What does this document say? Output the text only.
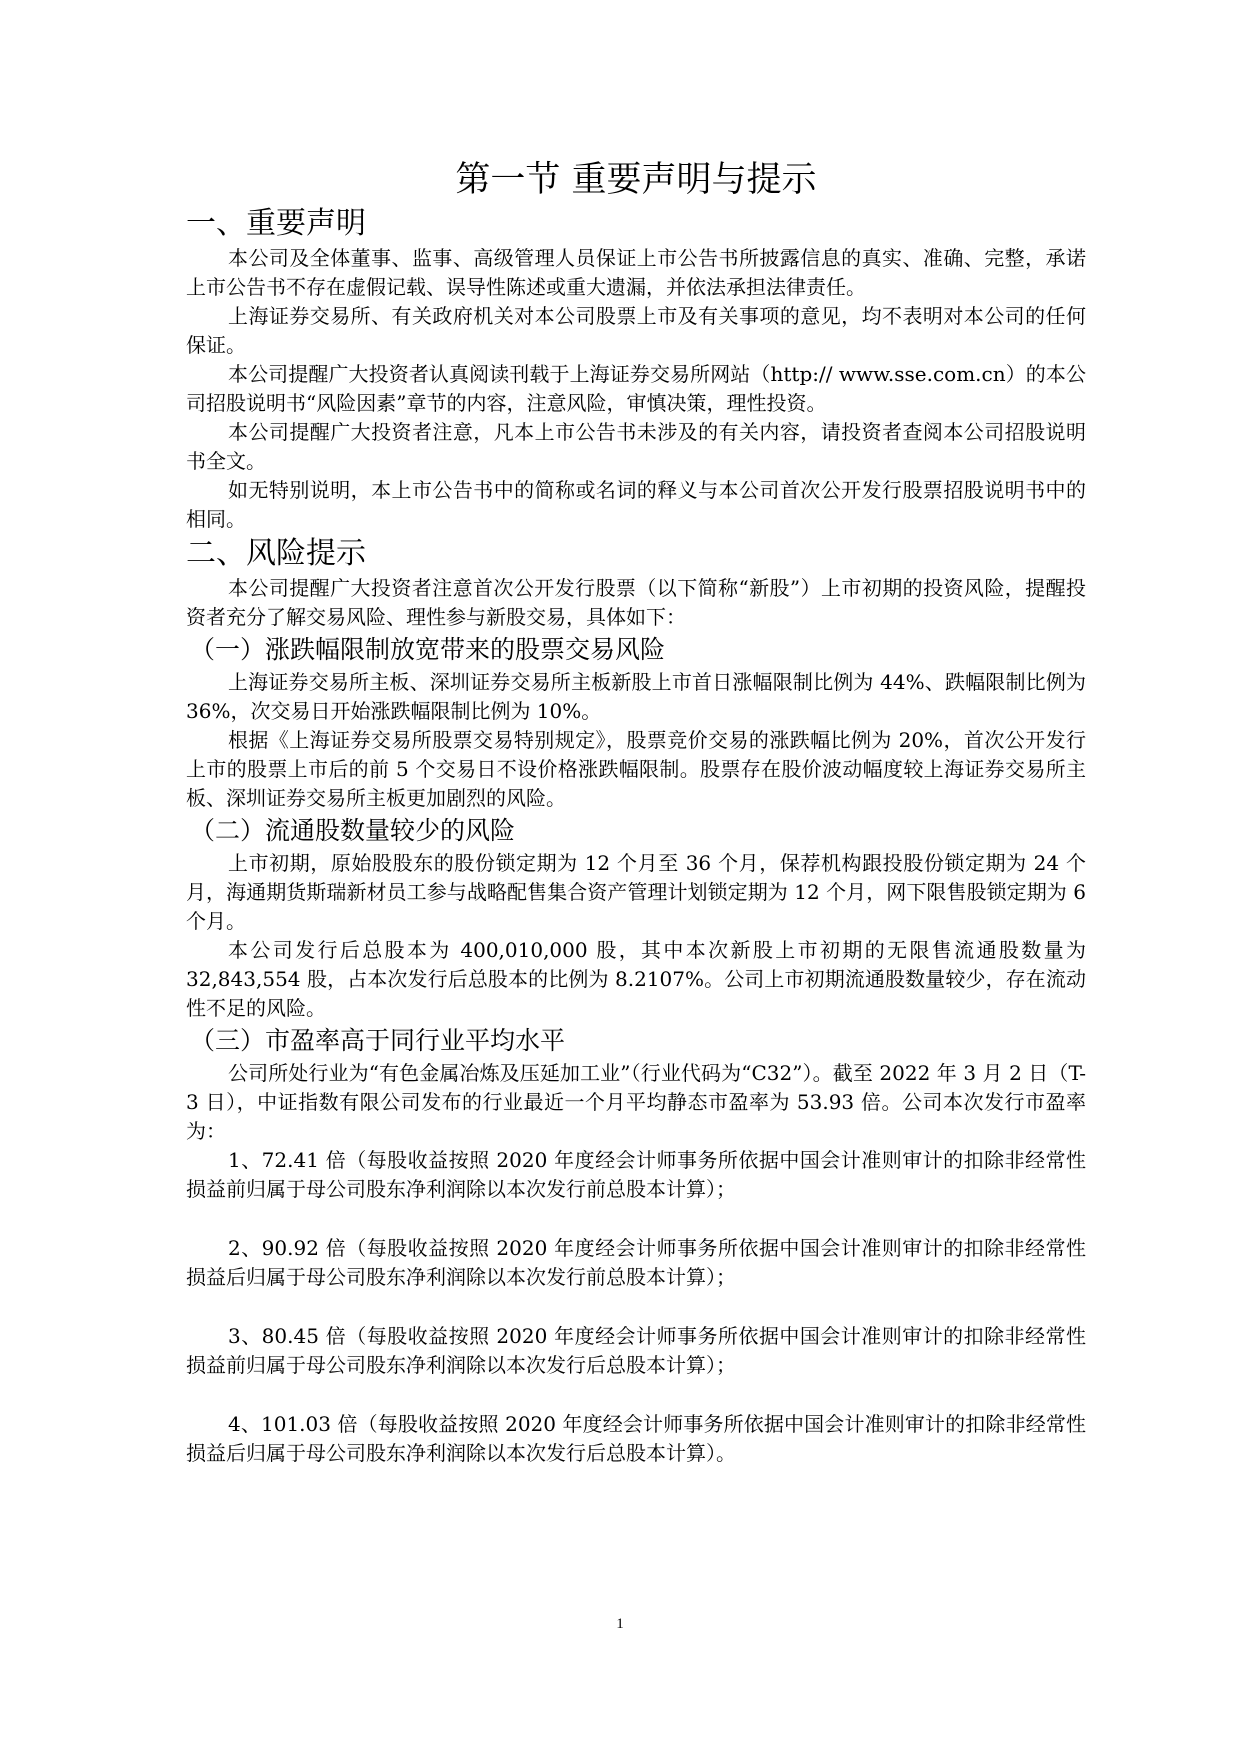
第一节 重要声明与提示
一、重要声明

本公司及全体董事、监事、高级管理人员保证上市公告书所披露信息的真实、准确、完整，承诺上市公告书不存在虚假记载、误导性陈述或重大遗漏，并依法承担法律责任。

上海证券交易所、有关政府机关对本公司股票上市及有关事项的意见，均不表明对本公司的任何保证。

本公司提醒广大投资者认真阅读刊载于上海证券交易所网站（http:// www.sse.com.cn）的本公司招股说明书“风险因素”章节的内容，注意风险，审慎决策，理性投资。

本公司提醒广大投资者注意，凡本上市公告书未涉及的有关内容，请投资者查阅本公司招股说明书全文。

如无特别说明，本上市公告书中的简称或名词的释义与本公司首次公开发行股票招股说明书中的相同。

二、风险提示

本公司提醒广大投资者注意首次公开发行股票（以下简称“新股”）上市初期的投资风险，提醒投资者充分了解交易风险、理性参与新股交易，具体如下：

（一）涨跌幅限制放宽带来的股票交易风险

上海证券交易所主板、深圳证券交易所主板新股上市首日涨幅限制比例为 44%、跌幅限制比例为 36%，次交易日开始涨跌幅限制比例为 10%。

根据《上海证券交易所股票交易特别规定》，股票竞价交易的涨跌幅比例为 20%，首次公开发行上市的股票上市后的前 5 个交易日不设价格涨跌幅限制。股票存在股价波动幅度较上海证券交易所主板、深圳证券交易所主板更加剧烈的风险。

（二）流通股数量较少的风险

上市初期，原始股股东的股份锁定期为 12 个月至 36 个月，保荐机构跟投股份锁定期为 24 个月，海通期货斯瑞新材员工参与战略配售集合资产管理计划锁定期为 12 个月，网下限售股锁定期为 6 个月。

本公司发行后总股本为 400,010,000 股，其中本次新股上市初期的无限售流通股数量为 32,843,554 股，占本次发行后总股本的比例为 8.2107%。公司上市初期流通股数量较少，存在流动性不足的风险。

（三）市盈率高于同行业平均水平

公司所处行业为“有色金属冶炼及压延加工业”（行业代码为“C32”）。截至 2022 年 3 月 2 日（T-3 日），中证指数有限公司发布的行业最近一个月平均静态市盈率为 53.93 倍。公司本次发行市盈率为：

1、72.41 倍（每股收益按照 2020 年度经会计师事务所依据中国会计准则审计的扣除非经常性损益前归属于母公司股东净利润除以本次发行前总股本计算）；

2、90.92 倍（每股收益按照 2020 年度经会计师事务所依据中国会计准则审计的扣除非经常性损益后归属于母公司股东净利润除以本次发行前总股本计算）；

3、80.45 倍（每股收益按照 2020 年度经会计师事务所依据中国会计准则审计的扣除非经常性损益前归属于母公司股东净利润除以本次发行后总股本计算）；

4、101.03 倍（每股收益按照 2020 年度经会计师事务所依据中国会计准则审计的扣除非经常性损益后归属于母公司股东净利润除以本次发行后总股本计算）。

1
